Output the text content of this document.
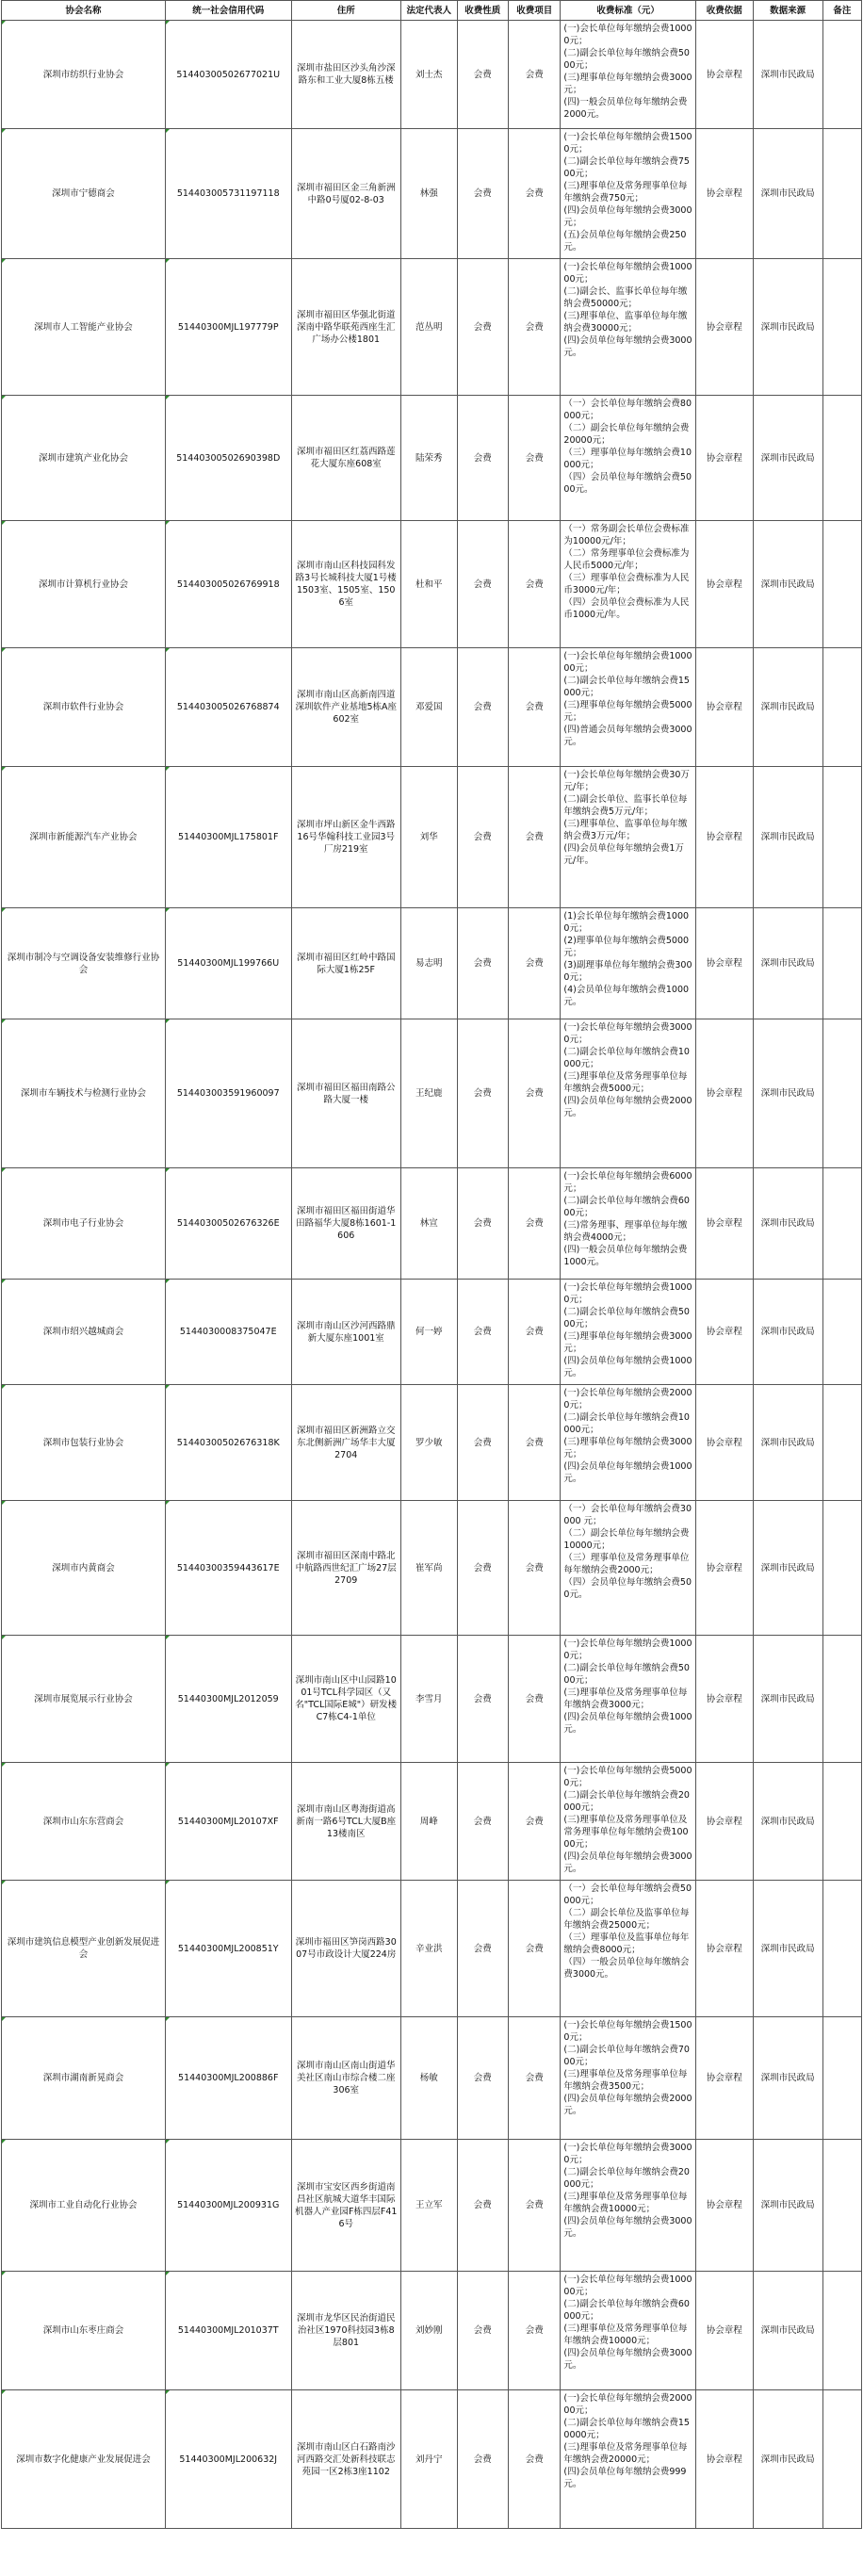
协会名称	统一社会信用代码	住所	法定代表人	收费性质	收费项目	收费标准（元）	收费依据	数据来源	备注
深圳市纺织行业协会	51440300502677021U	深圳市盐田区沙头角沙深路东和工业大厦8栋五楼	刘士杰	会费	会费	(一)会长单位每年缴纳会费10000元；
(二)副会长单位每年缴纳会费5000元；
(三)理事单位每年缴纳会费3000元；
(四)一般会员单位每年缴纳会费2000元。	协会章程	深圳市民政局	
深圳市宁德商会	514403005731197118	深圳市福田区金三角新洲中路0号厦02-8-03	林强	会费	会费	(一)会长单位每年缴纳会费15000元；
(二)副会长单位每年缴纳会费7500元；
(三)理事单位及常务理事单位每年缴纳会费750元；
(四)会员单位每年缴纳会费3000元；
(五)会员单位每年缴纳会费250元。	协会章程	深圳市民政局	
深圳市人工智能产业协会	51440300MJL197779P	深圳市福田区华强北街道深南中路华联苑西座生汇广场办公楼1801	范丛明	会费	会费	(一)会长单位每年缴纳会费100000元；
(二)副会长、监事长单位每年缴纳会费50000元；
(三)理事单位、监事单位每年缴纳会费30000元；
(四)会员单位每年缴纳会费3000元。	协会章程	深圳市民政局	
深圳市建筑产业化协会	51440300502690398D	深圳市福田区红荔西路莲花大厦东座608室	陆荣秀	会费	会费	（一）会长单位每年缴纳会费80000元；
（二）副会长单位每年缴纳会费20000元；
（三）理事单位每年缴纳会费10000元；
（四）会员单位每年缴纳会费5000元。	协会章程	深圳市民政局	
深圳市计算机行业协会	514403005026769918	深圳市南山区科技园科发路3号长城科技大厦1号楼1503室、1505室、1506室	杜和平	会费	会费	（一）常务副会长单位会费标准为10000元/年；
（二）常务理事单位会费标准为人民币5000元/年；
（三）理事单位会费标准为人民币3000元/年；
（四）会员单位会费标准为人民币1000元/年。	协会章程	深圳市民政局	
深圳市软件行业协会	514403005026768874	深圳市南山区高新南四道深圳软件产业基地5栋A座602室	邓爱国	会费	会费	(一)会长单位每年缴纳会费100000元；
(二)副会长单位每年缴纳会费15000元；
(三)理事单位每年缴纳会费5000元；
(四)普通会员每年缴纳会费3000元。	协会章程	深圳市民政局	
深圳市新能源汽车产业协会	51440300MJL175801F	深圳市坪山新区金牛西路16号华翰科技工业园3号厂房219室	刘华	会费	会费	(一)会长单位每年缴纳会费30万元/年；
(二)副会长单位、监事长单位每年缴纳会费5万元/年；
(三)理事单位、监事单位每年缴纳会费3万元/年；
(四)会员单位每年缴纳会费1万元/年。	协会章程	深圳市民政局	
深圳市制冷与空调设备安装维修行业协会	51440300MJL199766U	深圳市福田区红岭中路国际大厦1栋25F	易志明	会费	会费	(1)会长单位每年缴纳会费10000元；
(2)理事单位每年缴纳会费5000元；
(3)副理事单位每年缴纳会费3000元；
(4)会员单位每年缴纳会费1000元。	协会章程	深圳市民政局	
深圳市车辆技术与检测行业协会	514403003591960097	深圳市福田区福田南路公路大厦一楼	王纪鹿	会费	会费	(一)会长单位每年缴纳会费30000元；
(二)副会长单位每年缴纳会费10000元；
(三)理事单位及常务理事单位每年缴纳会费5000元；
(四)会员单位每年缴纳会费2000元。	协会章程	深圳市民政局	
深圳市电子行业协会	51440300502676326E	深圳市福田区福田街道华田路福华大厦8栋1601-1606	林宣	会费	会费	(一)会长单位每年缴纳会费6000元；
(二)副会长单位每年缴纳会费6000元；
(三)常务理事、理事单位每年缴纳会费4000元；
(四)一般会员单位每年缴纳会费1000元。	协会章程	深圳市民政局	
深圳市绍兴越城商会	5144030008375047E	深圳市南山区沙河西路鼎新大厦东座1001室	何一婷	会费	会费	(一)会长单位每年缴纳会费10000元；
(二)副会长单位每年缴纳会费5000元；
(三)理事单位每年缴纳会费3000元；
(四)会员单位每年缴纳会费1000元。	协会章程	深圳市民政局	
深圳市包装行业协会	51440300502676318K	深圳市福田区新洲路立交东北侧新洲广场华丰大厦2704	罗少敏	会费	会费	(一)会长单位每年缴纳会费20000元；
(二)副会长单位每年缴纳会费10000元；
(三)理事单位每年缴纳会费3000元；
(四)会员单位每年缴纳会费1000元。	协会章程	深圳市民政局	
深圳市内黄商会	51440300359443617E	深圳市福田区深南中路北中航路西世纪汇广场27层2709	崔军尚	会费	会费	（一）会长单位每年缴纳会费30000 元；
（二）副会长单位每年缴纳会费10000元；
（三）理事单位及常务理事单位每年缴纳会费2000元；
（四）会员单位每年缴纳会费500元。	协会章程	深圳市民政局	
深圳市展览展示行业协会	51440300MJL2012059	深圳市南山区中山园路1001号TCL科学园区（又名"TCL国际E城"）研发楼C7栋C4-1单位	李雪月	会费	会费	(一)会长单位每年缴纳会费10000元；
(二)副会长单位每年缴纳会费5000元；
(三)理事单位及常务理事单位每年缴纳会费3000元；
(四)会员单位每年缴纳会费1000元。	协会章程	深圳市民政局	
深圳市山东东营商会	51440300MJL20107XF	深圳市南山区粤海街道高新南一路6号TCL大厦B座13楼南区	周峰	会费	会费	(一)会长单位每年缴纳会费50000元；
(二)副会长单位每年缴纳会费20000元；
(三)理事单位及常务理事单位及常务理事单位每年缴纳会费10000元；
(四)会员单位每年缴纳会费3000元。	协会章程	深圳市民政局	
深圳市建筑信息模型产业创新发展促进会	51440300MJL200851Y	深圳市福田区笋岗西路3007号市政设计大厦224房	辛业洪	会费	会费	（一）会长单位每年缴纳会费50000元；
（二）副会长单位及监事单位每年缴纳会费25000元；
（三）理事单位及监事单位每年缴纳会费8000元；
（四）一般会员单位每年缴纳会费3000元。	协会章程	深圳市民政局	
深圳市湖南新晃商会	51440300MJL200886F	深圳市南山区南山街道华美社区南山市综合楼二座306室	杨敏	会费	会费	(一)会长单位每年缴纳会费15000元；
(二)副会长单位每年缴纳会费7000元；
(三)理事单位及常务理事单位每年缴纳会费3500元；
(四)会员单位每年缴纳会费2000元。	协会章程	深圳市民政局	
深圳市工业自动化行业协会	51440300MJL200931G	深圳市宝安区西乡街道南昌社区航城大道华丰国际机器人产业园F栋四层F416号	王立军	会费	会费	(一)会长单位每年缴纳会费30000元；
(二)副会长单位每年缴纳会费20000元；
(三)理事单位及常务理事单位每年缴纳会费10000元；
(四)会员单位每年缴纳会费3000元。	协会章程	深圳市民政局	
深圳市山东枣庄商会	51440300MJL201037T	深圳市龙华区民治街道民治社区1970科技园3栋8层801	刘妙刚	会费	会费	(一)会长单位每年缴纳会费100000元；
(二)副会长单位每年缴纳会费60000元；
(三)理事单位及常务理事单位每年缴纳会费10000元；
(四)会员单位每年缴纳会费3000元。	协会章程	深圳市民政局	
深圳市数字化健康产业发展促进会	51440300MJL200632J	深圳市南山区白石路南沙河西路交汇处新科技联志苑园一区2栋3座1102	刘丹宁	会费	会费	(一)会长单位每年缴纳会费200000元；
(二)副会长单位每年缴纳会费150000元；
(三)理事单位及常务理事单位每年缴纳会费20000元；
(四)会员单位每年缴纳会费999元。	协会章程	深圳市民政局	
